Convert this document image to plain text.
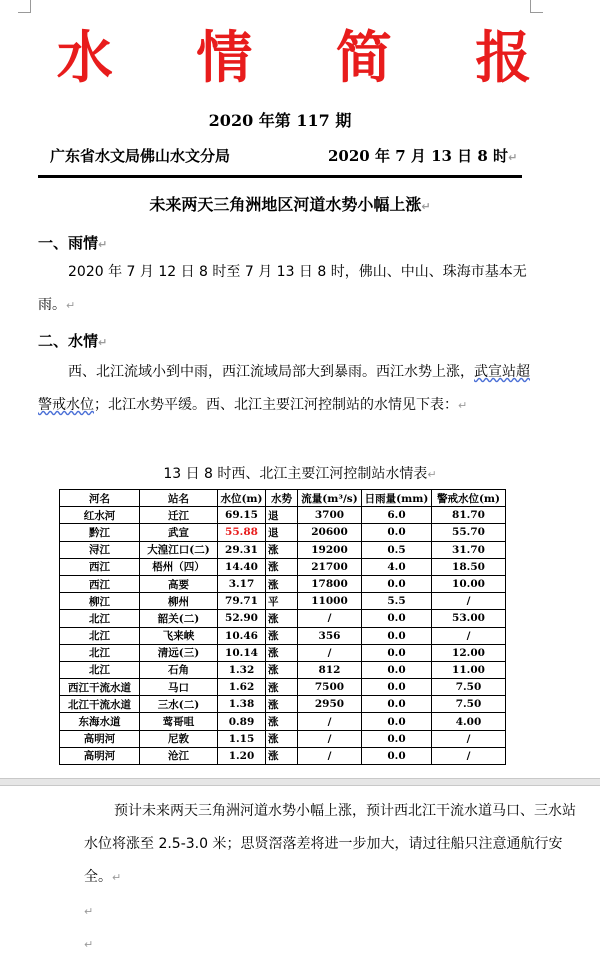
水 情 简 报
2020 年第 117 期
广东省水文局佛山水文分局	2020 年 7 月 13 日 8 时↵
未来两天三角洲地区河道水势小幅上涨↵
一、雨情↵
2020 年 7 月 12 日 8 时至 7 月 13 日 8 时，佛山、中山、珠海市基本无雨。↵
二、水情↵
西、北江流域小到中雨，西江流域局部大到暴雨。西江水势上涨，武宣站超警戒水位；北江水势平缓。西、北江主要江河控制站的水情见下表：↵
13 日 8 时西、北江主要江河控制站水情表↵
河名	站名	水位(m)	水势	流量(m³/s)	日雨量(mm)	警戒水位(m)
红水河	迁江	69.15	退	3700	6.0	81.70
黔江	武宣	55.88	退	20600	0.0	55.70
浔江	大湟江口(二)	29.31	涨	19200	0.5	31.70
西江	梧州（四）	14.40	涨	21700	4.0	18.50
西江	高要	3.17	涨	17800	0.0	10.00
柳江	柳州	79.71	平	11000	5.5	/
北江	韶关(二)	52.90	涨	/	0.0	53.00
北江	飞来峡	10.46	涨	356	0.0	/
北江	清远(三)	10.14	涨	/	0.0	12.00
北江	石角	1.32	涨	812	0.0	11.00
西江干流水道	马口	1.62	涨	7500	0.0	7.50
北江干流水道	三水(二)	1.38	涨	2950	0.0	7.50
东海水道	莺哥咀	0.89	涨	/	0.0	4.00
高明河	尼敦	1.15	涨	/	0.0	/
高明河	沧江	1.20	涨	/	0.0	/
预计未来两天三角洲河道水势小幅上涨，预计西北江干流水道马口、三水站水位将涨至 2.5-3.0 米；思贤滘落差将进一步加大，请过往船只注意通航行安全。↵
↵
↵
